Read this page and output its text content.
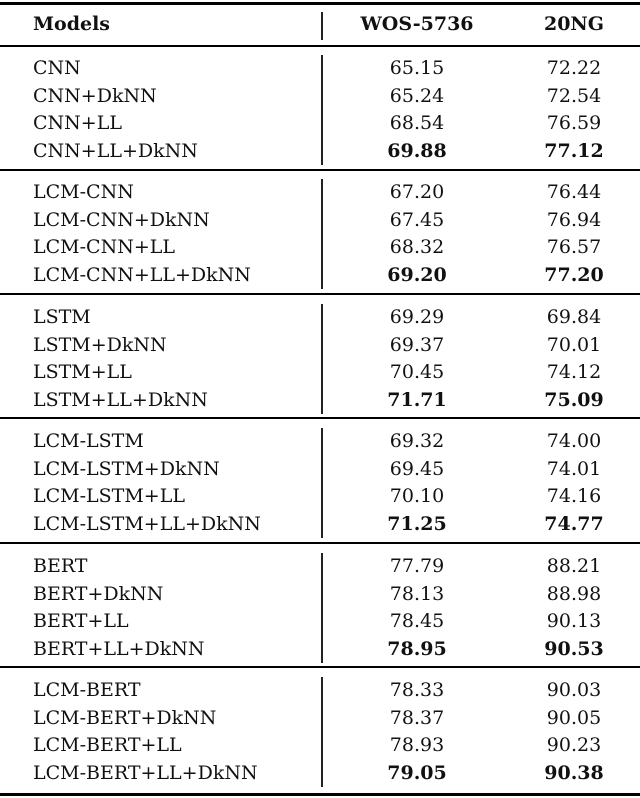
Models	WOS-5736	20NG
CNN	65.15	72.22
CNN+DkNN	65.24	72.54
CNN+LL	68.54	76.59
CNN+LL+DkNN	69.88	77.12
LCM-CNN	67.20	76.44
LCM-CNN+DkNN	67.45	76.94
LCM-CNN+LL	68.32	76.57
LCM-CNN+LL+DkNN	69.20	77.20
LSTM	69.29	69.84
LSTM+DkNN	69.37	70.01
LSTM+LL	70.45	74.12
LSTM+LL+DkNN	71.71	75.09
LCM-LSTM	69.32	74.00
LCM-LSTM+DkNN	69.45	74.01
LCM-LSTM+LL	70.10	74.16
LCM-LSTM+LL+DkNN	71.25	74.77
BERT	77.79	88.21
BERT+DkNN	78.13	88.98
BERT+LL	78.45	90.13
BERT+LL+DkNN	78.95	90.53
LCM-BERT	78.33	90.03
LCM-BERT+DkNN	78.37	90.05
LCM-BERT+LL	78.93	90.23
LCM-BERT+LL+DkNN	79.05	90.38
